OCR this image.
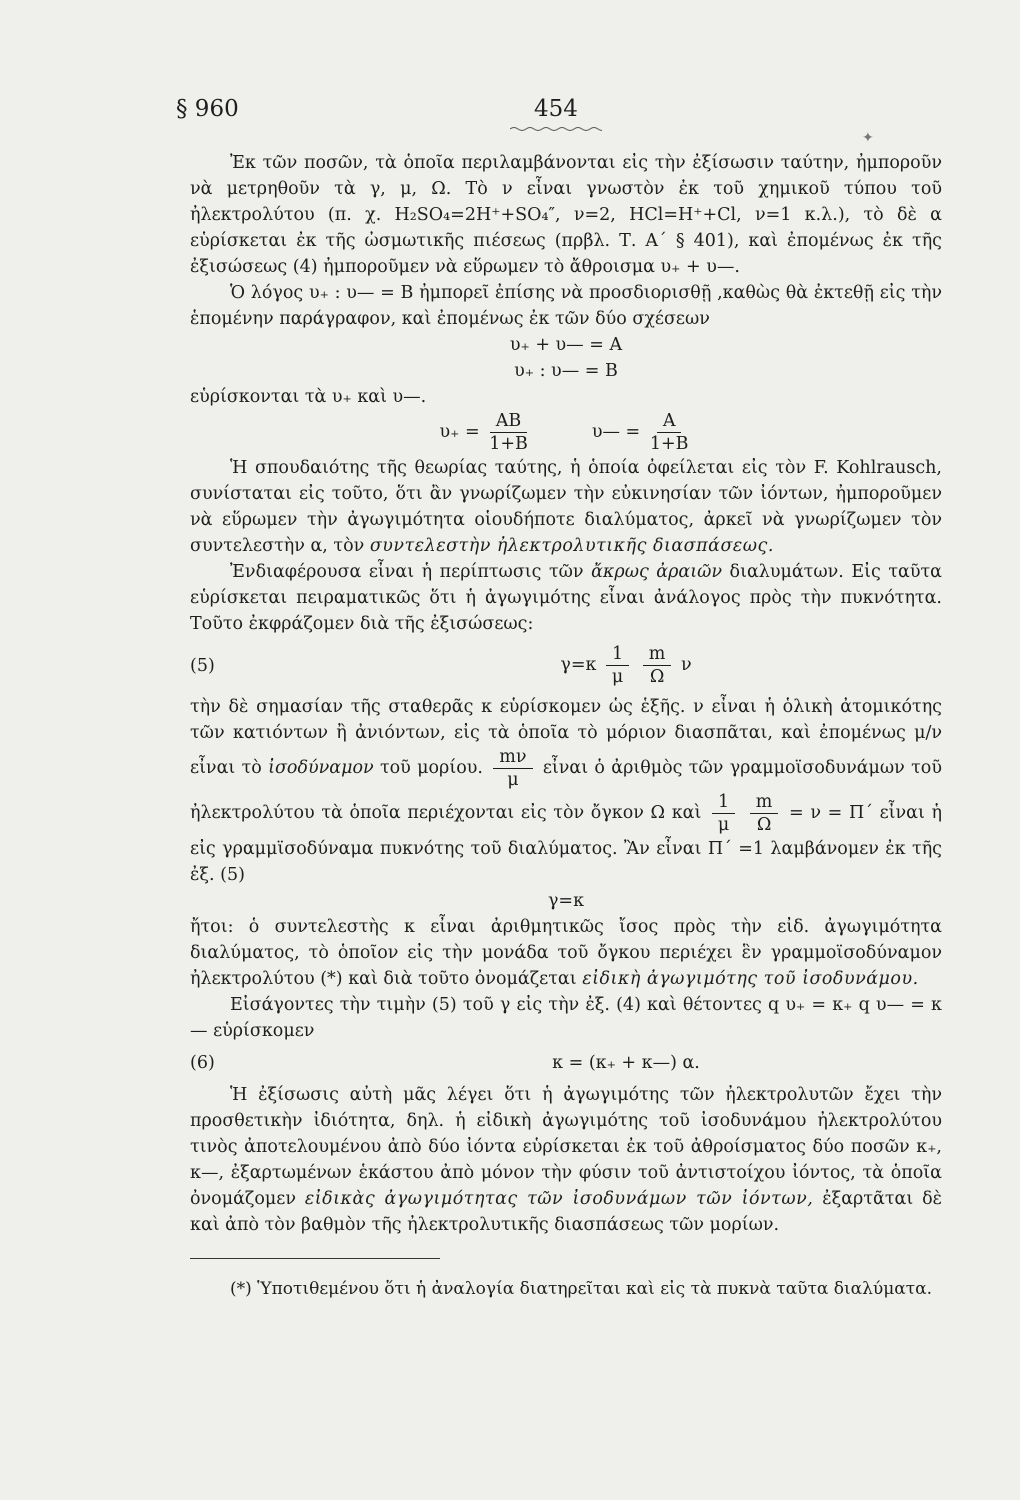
§ 960	454
✦

Ἐκ τῶν ποσῶν, τὰ ὁποῖα περιλαμβάνονται εἰς τὴν ἐξίσωσιν ταύτην, ἠμποροῦν νὰ μετρηθοῦν τὰ γ, μ, Ω. Τὸ ν εἶναι γνωστὸν ἐκ τοῦ χημικοῦ τύπου τοῦ ἠλεκτρολύτου (π. χ. H₂SO₄=2H⁺+SO₄″, ν=2, HCl=H⁺+Cl, ν=1 κ.λ.), τὸ δὲ α εὑρίσκεται ἐκ τῆς ὠσμωτικῆς πιέσεως (πρβλ. Τ. Α΄ § 401), καὶ ἐπομένως ἐκ τῆς ἐξισώσεως (4) ἠμποροῦμεν νὰ εὕρωμεν τὸ ἄθροισμα υ₊ + υ—.

Ὁ λόγος υ₊ : υ— = B ἠμπορεῖ ἐπίσης νὰ προσδιορισθῇ ,καθὼς θὰ ἐκτεθῇ εἰς τὴν ἑπομένην παράγραφον, καὶ ἐπομένως ἐκ τῶν δύο σχέσεων

υ₊ + υ— = A

υ₊ : υ— = B

εὑρίσκονται τὰ υ₊ καὶ υ—.

$\upsilon_+ = \frac{AB}{1+B}$	υ— = $\frac{A}{1+B}$

Ἡ σπουδαιότης τῆς θεωρίας ταύτης, ἡ ὁποία ὀφείλεται εἰς τὸν F. Kohlrausch, συνίσταται εἰς τοῦτο, ὅτι ἂν γνωρίζωμεν τὴν εὐκινησίαν τῶν ἰόντων, ἠμποροῦμεν νὰ εὕρωμεν τὴν ἀγωγιμότητα οἱουδήποτε διαλύματος, ἀρκεῖ νὰ γνωρίζωμεν τὸν συντελεστὴν α, τὸν συντελεστὴν ἠλεκτρολυτικῆς διασπάσεως.

Ἐνδιαφέρουσα εἶναι ἡ περίπτωσις τῶν ἄκρως ἀραιῶν διαλυμάτων. Εἰς ταῦτα εὑρίσκεται πειραματικῶς ὅτι ἡ ἀγωγιμότης εἶναι ἀνάλογος πρὸς τὴν πυκνότητα. Τοῦτο ἐκφράζομεν διὰ τῆς ἐξισώσεως:

(5)	$\gamma=\kappa \frac{1}{\mu}$
$\frac{m}{\Omega}$ ν

τὴν δὲ σημασίαν τῆς σταθερᾶς κ εὑρίσκομεν ὡς ἑξῆς. ν εἶναι ἡ ὁλικὴ ἀτομικότης τῶν κατιόντων ἢ ἀνιόντων, εἰς τὰ ὁποῖα τὸ μόριον διασπᾶται, καὶ ἐπομένως μ/ν εἶναι τὸ ἰσοδύναμον τοῦ μορίου. $\frac{m\nu}{\mu}$ εἶναι ὁ ἀριθμὸς τῶν γραμμοϊσοδυνάμων τοῦ ἠλεκτρολύτου τὰ ὁποῖα περιέχονται εἰς τὸν ὄγκον Ω καὶ $\frac{1}{\mu}$
$\frac{m}{\Omega} = \nu = \Pi΄$ εἶναι ἡ εἰς γραμμϊσοδύναμα πυκνότης τοῦ διαλύματος. Ἂν εἶναι Π΄ =1 λαμβάνομεν ἐκ τῆς ἐξ. (5)

γ=κ

ἤτοι: ὁ συντελεστὴς κ εἶναι ἀριθμητικῶς ἴσος πρὸς τὴν εἰδ. ἀγωγιμότητα διαλύματος, τὸ ὁποῖον εἰς τὴν μονάδα τοῦ ὄγκου περιέχει ἓν γραμμοϊσοδύναμον ἠλεκτρολύτου (*) καὶ διὰ τοῦτο ὀνομάζεται εἰδικὴ ἀγωγιμότης τοῦ ἰσοδυνάμου.

Εἰσάγοντες τὴν τιμὴν (5) τοῦ γ εἰς τὴν ἐξ. (4) καὶ θέτοντες q υ₊ = κ₊ q υ— = κ— εὑρίσκομεν

(6)	κ = (κ₊ + κ—) α.

Ἡ ἐξίσωσις αὐτὴ μᾶς λέγει ὅτι ἡ ἀγωγιμότης τῶν ἠλεκτρολυτῶν ἔχει τὴν προσθετικὴν ἰδιότητα, δηλ. ἡ εἰδικὴ ἀγωγιμότης τοῦ ἰσοδυνάμου ἠλεκτρολύτου τινὸς ἀποτελουμένου ἀπὸ δύο ἰόντα εὑρίσκεται ἐκ τοῦ ἀθροίσματος δύο ποσῶν κ₊, κ—, ἐξαρτωμένων ἑκάστου ἀπὸ μόνον τὴν φύσιν τοῦ ἀντιστοίχου ἰόντος, τὰ ὁποῖα ὀνομάζομεν εἰδικὰς ἀγωγιμότητας τῶν ἰσοδυνάμων τῶν ἰόντων, ἐξαρτᾶται δὲ καὶ ἀπὸ τὸν βαθμὸν τῆς ἠλεκτρολυτικῆς διασπάσεως τῶν μορίων.

(*) Ὑποτιθεμένου ὅτι ἡ ἀναλογία διατηρεῖται καὶ εἰς τὰ πυκνὰ ταῦτα διαλύματα.
